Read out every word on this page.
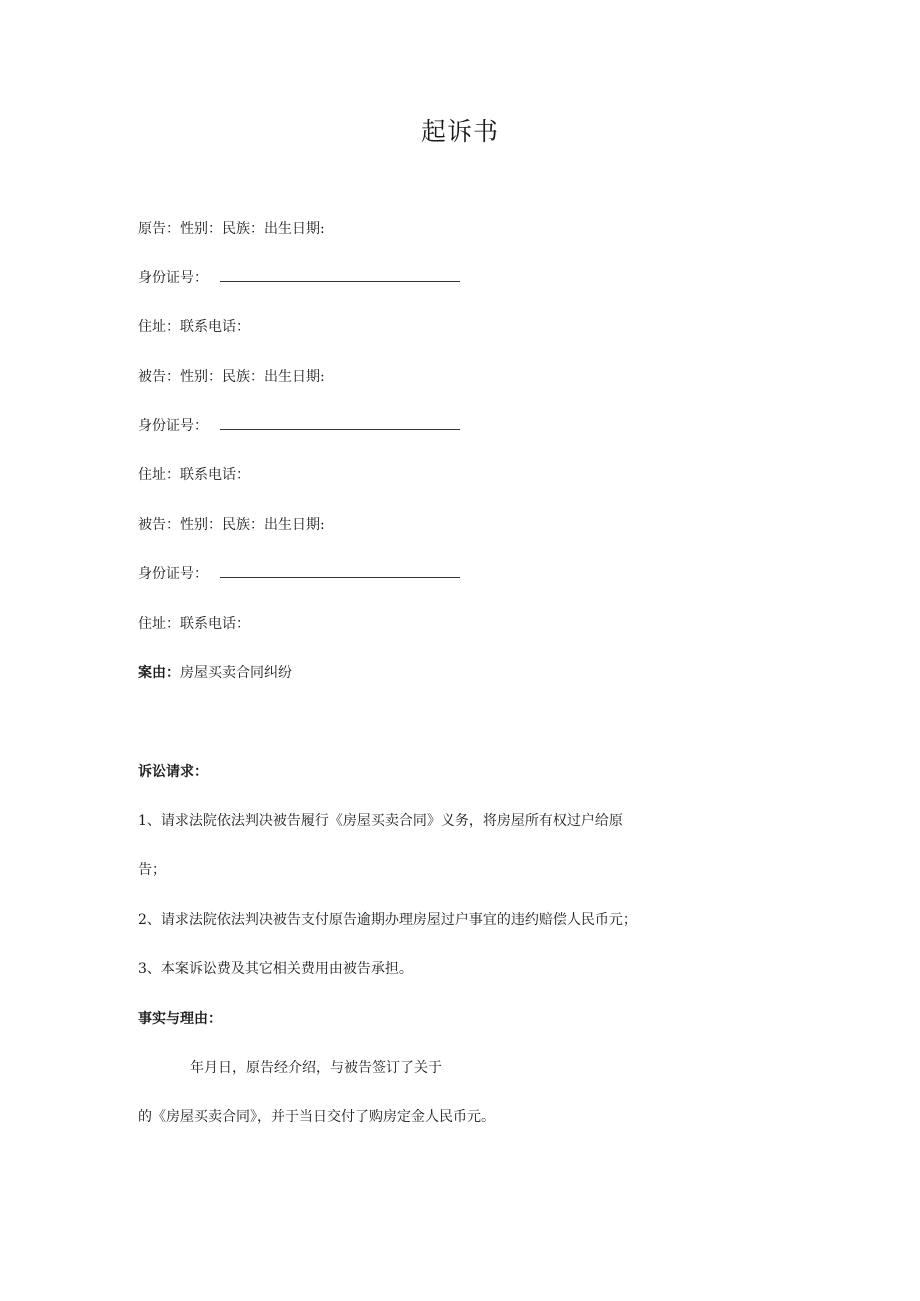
起诉书
原告：性别：民族：出生日期:
身份证号：
住址：联系电话：
被告：性别：民族：出生日期:
身份证号：
住址：联系电话：
被告：性别：民族：出生日期:
身份证号：
住址：联系电话：
案由：房屋买卖合同纠纷
诉讼请求：
1、请求法院依法判决被告履行《房屋买卖合同》义务，将房屋所有权过户给原
告；
2、请求法院依法判决被告支付原告逾期办理房屋过户事宜的违约赔偿人民币元；
3、本案诉讼费及其它相关费用由被告承担。
事实与理由：
年月日，原告经介绍，与被告签订了关于
的《房屋买卖合同》，并于当日交付了购房定金人民币元。
